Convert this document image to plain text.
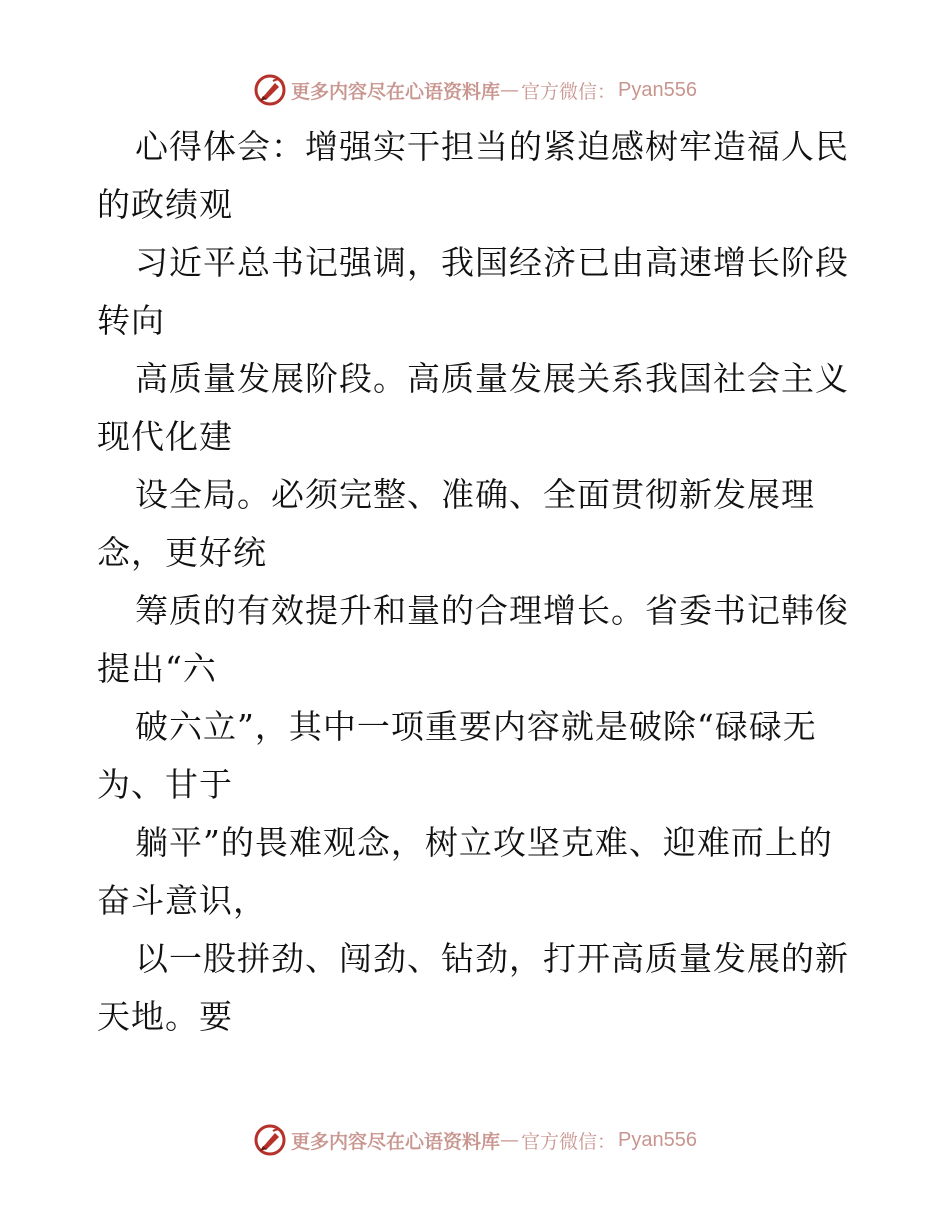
更多内容尽在心语资料库 — 官方微信： Pyan556
心得体会：增强实干担当的紧迫感树牢造福人民
的政绩观
习近平总书记强调，我国经济已由高速增长阶段
转向
高质量发展阶段。高质量发展关系我国社会主义
现代化建
设全局。必须完整、准确、全面贯彻新发展理
念，更好统
筹质的有效提升和量的合理增长。省委书记韩俊
提出“六
破六立”，其中一项重要内容就是破除“碌碌无
为、甘于
躺平”的畏难观念，树立攻坚克难、迎难而上的
奋斗意识，
以一股拼劲、闯劲、钻劲，打开高质量发展的新
天地。要
更多内容尽在心语资料库 — 官方微信： Pyan556
